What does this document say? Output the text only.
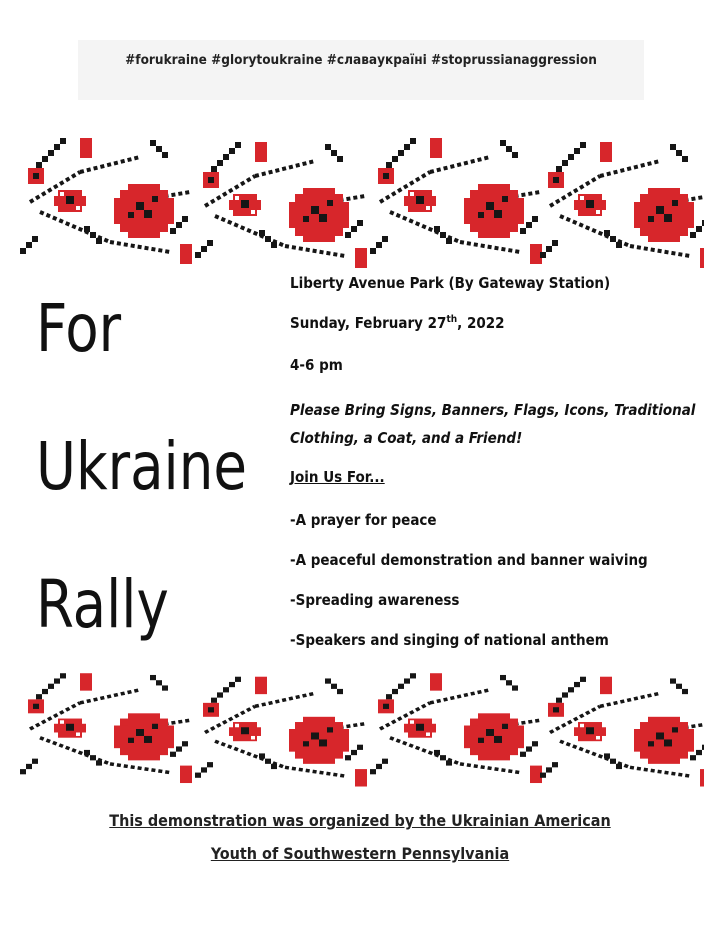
#forukraine #glorytoukraine #славаукраїні #stoprussianaggression
For
Ukraine
Rally
Liberty Avenue Park (By Gateway Station)
Sunday, February 27th, 2022
4-6 pm
Please Bring Signs, Banners, Flags, Icons, Traditional Clothing, a Coat, and a Friend!
Join Us For...
-A prayer for peace
-A peaceful demonstration and banner waiving
-Spreading awareness
-Speakers and singing of national anthem
This demonstration was organized by the Ukrainian American
Youth of Southwestern Pennsylvania
